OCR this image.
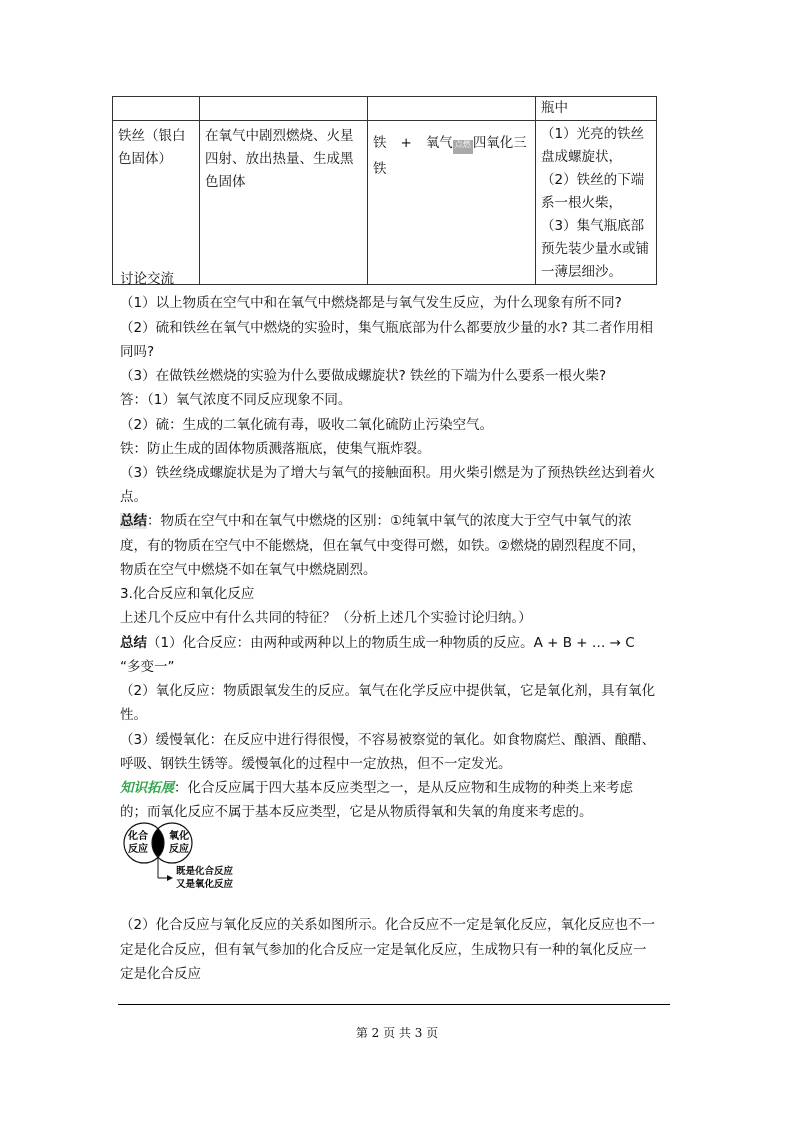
			瓶中
铁丝（银白色固体）	在氧气中剧烈燃烧、火星四射、放出热量、生成黑色固体	铁 + 氧气 点燃 四氧化三铁	（1）光亮的铁丝盘成螺旋状，
（2）铁丝的下端系一根火柴，
（3）集气瓶底部预先装少量水或铺一薄层细沙。
讨论交流
（1）以上物质在空气中和在氧气中燃烧都是与氧气发生反应，为什么现象有所不同?
（2）硫和铁丝在氧气中燃烧的实验时，集气瓶底部为什么都要放少量的水? 其二者作用相
同吗?
（3）在做铁丝燃烧的实验为什么要做成螺旋状? 铁丝的下端为什么要系一根火柴?
答：（1）氧气浓度不同反应现象不同。
（2）硫：生成的二氧化硫有毒，吸收二氧化硫防止污染空气。
铁：防止生成的固体物质溅落瓶底，使集气瓶炸裂。
（3）铁丝绕成螺旋状是为了增大与氧气的接触面积。用火柴引燃是为了预热铁丝达到着火
点。
总结：物质在空气中和在氧气中燃烧的区别：①纯氧中氧气的浓度大于空气中氧气的浓
度，有的物质在空气中不能燃烧，但在氧气中变得可燃，如铁。②燃烧的剧烈程度不同，
物质在空气中燃烧不如在氧气中燃烧剧烈。
3.化合反应和氧化反应
上述几个反应中有什么共同的特征？（分析上述几个实验讨论归纳。）
总结（1）化合反应：由两种或两种以上的物质生成一种物质的反应。A + B + … → C
“多变一”
（2）氧化反应：物质跟氧发生的反应。氧气在化学反应中提供氧，它是氧化剂，具有氧化
性。
（3）缓慢氧化：在反应中进行得很慢，不容易被察觉的氧化。如食物腐烂、酿酒、酿醋、
呼吸、钢铁生锈等。缓慢氧化的过程中一定放热，但不一定发光。
知识拓展：化合反应属于四大基本反应类型之一，是从反应物和生成物的种类上来考虑
的；而氧化反应不属于基本反应类型，它是从物质得氧和失氧的角度来考虑的。
化合
反应
氧化
反应
既是化合反应
又是氧化反应
（2）化合反应与氧化反应的关系如图所示。化合反应不一定是氧化反应，氧化反应也不一
定是化合反应，但有氧气参加的化合反应一定是氧化反应，生成物只有一种的氧化反应一
定是化合反应
第 2 页 共 3 页
